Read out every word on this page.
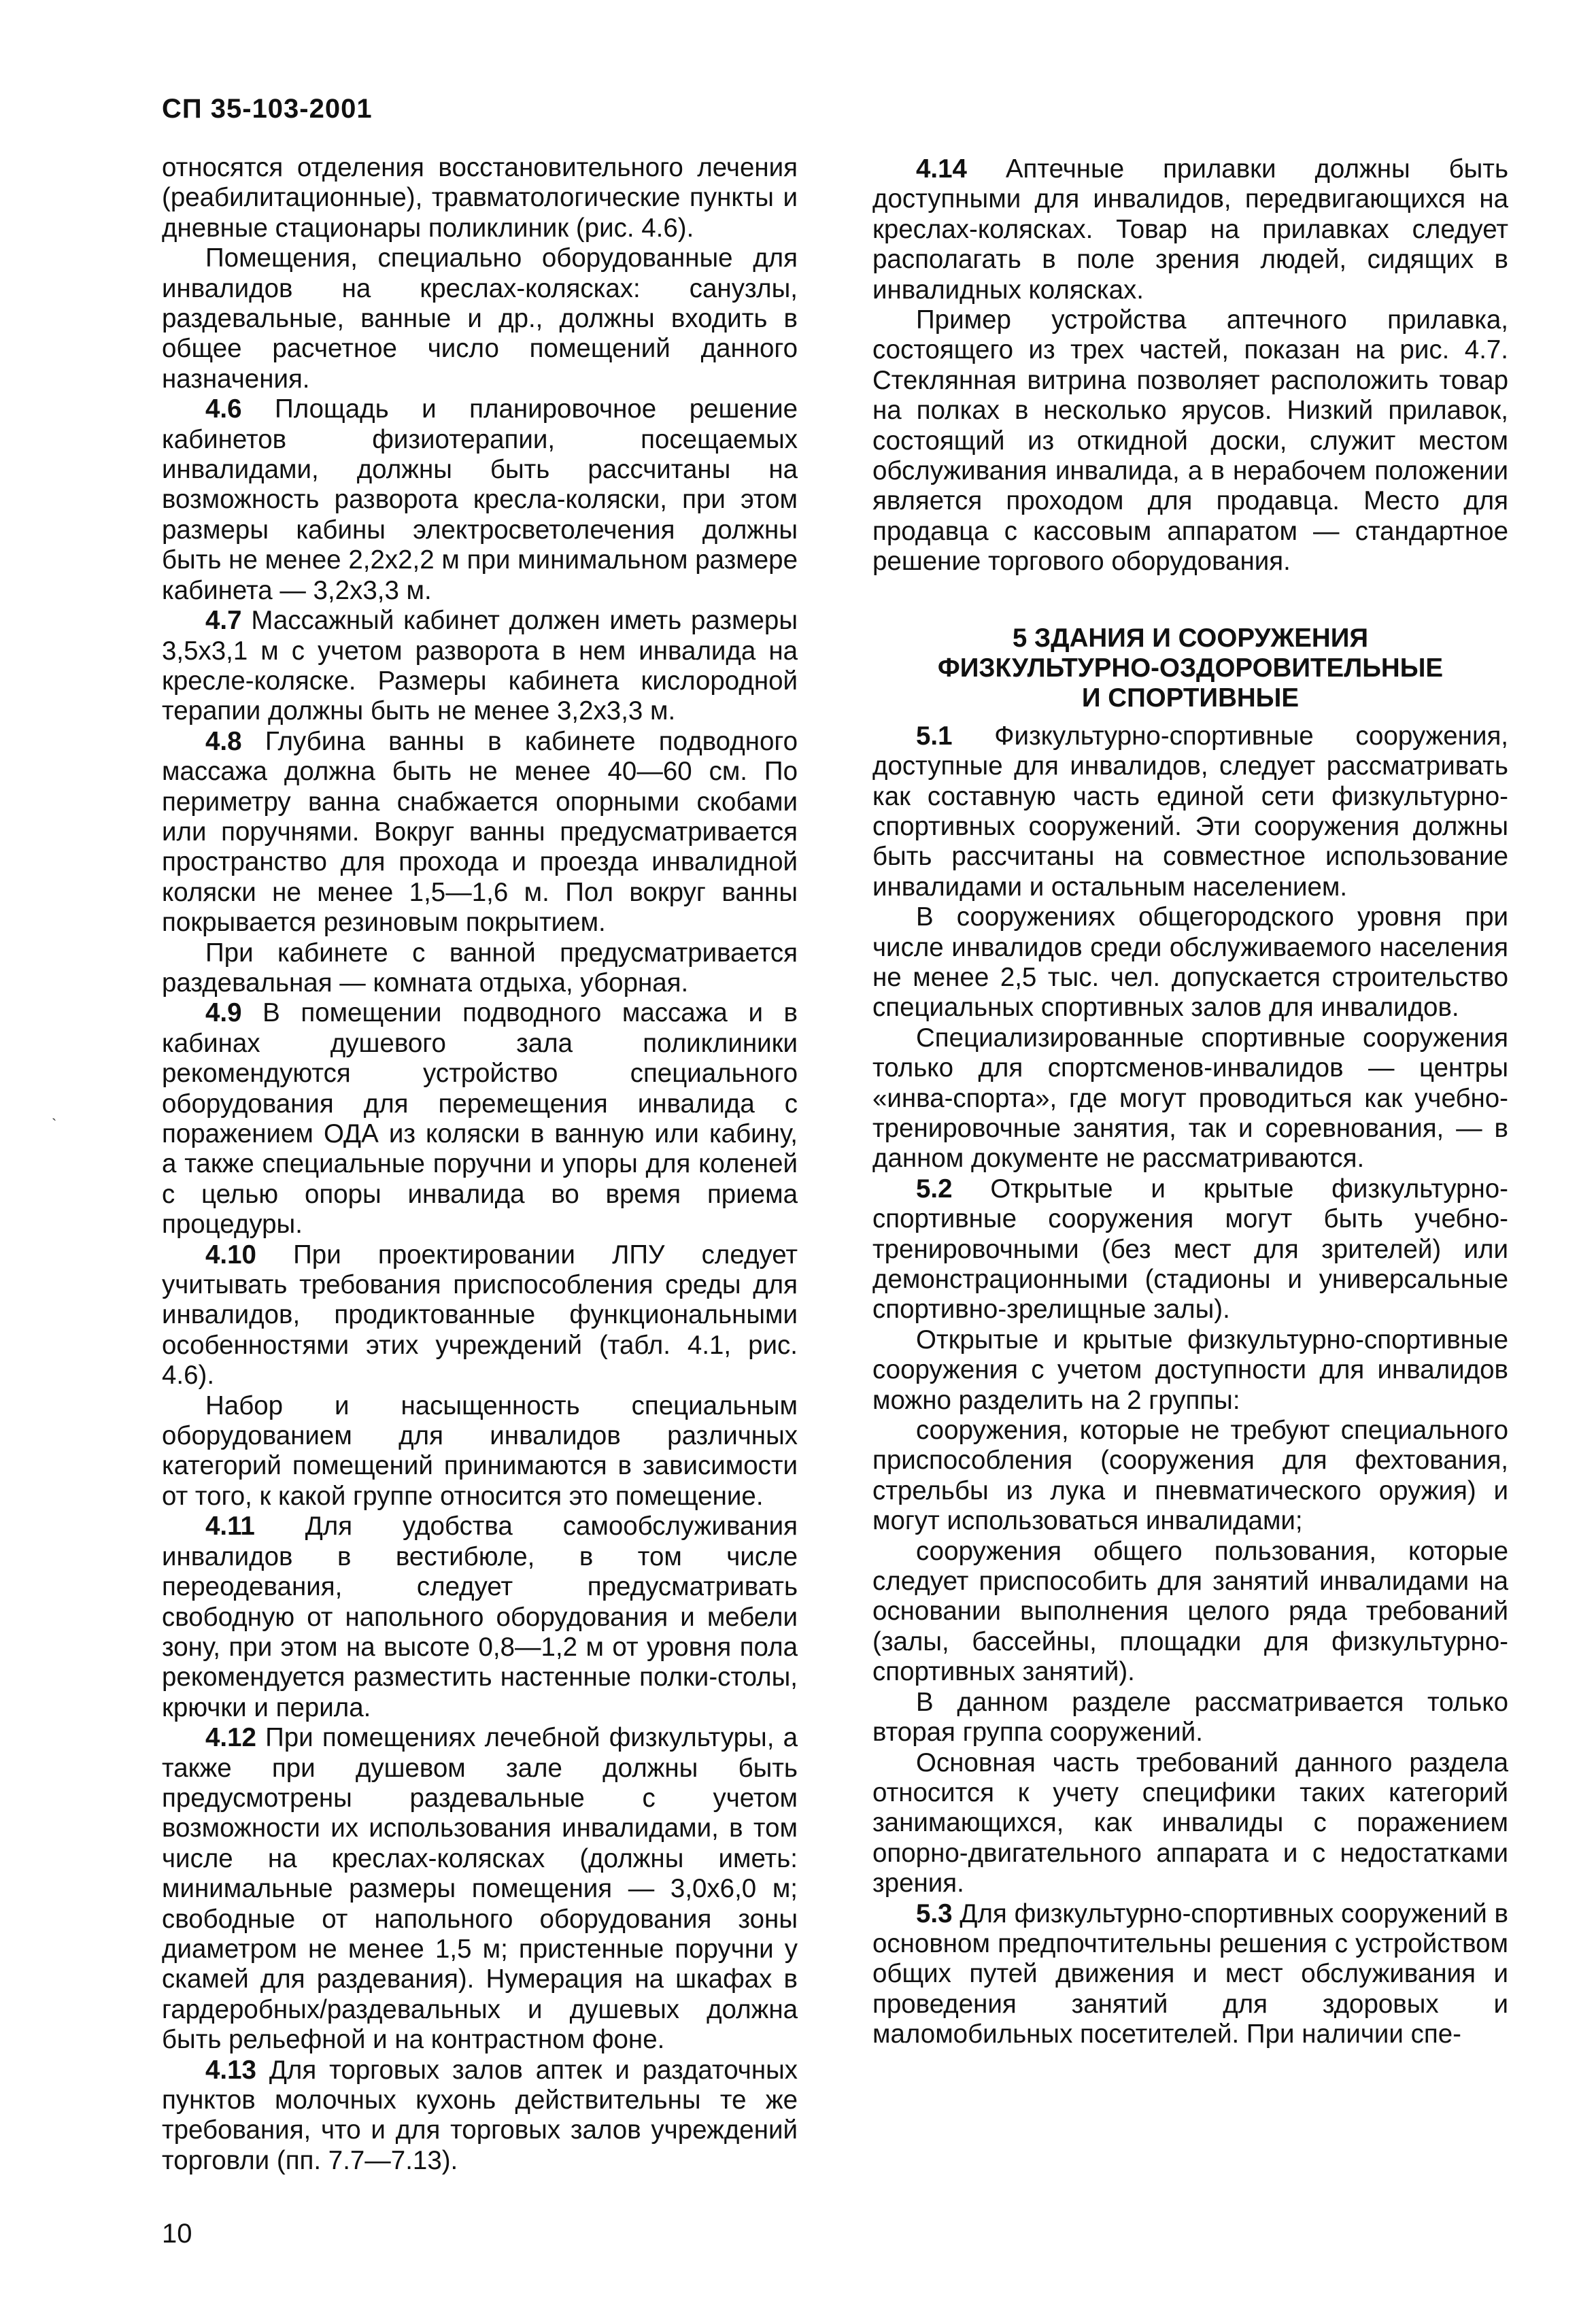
СП 35-103-2001
`

относятся отделения восстановительного лечения (реабилитационные), травматологические пункты и дневные стационары поликлиник (рис. 4.6).

Помещения, специально оборудованные для инвалидов на креслах-колясках: санузлы, раздевальные, ванные и др., должны входить в общее расчетное число помещений данного назначения.

4.6 Площадь и планировочное решение кабинетов физиотерапии, посещаемых инвалидами, должны быть рассчитаны на возможность разворота кресла-коляски, при этом размеры кабины электросветолечения должны быть не менее 2,2х2,2 м при минимальном размере кабинета — 3,2х3,3 м.

4.7 Массажный кабинет должен иметь размеры 3,5х3,1 м с учетом разворота в нем инвалида на кресле-коляске. Размеры кабинета кислородной терапии должны быть не менее 3,2х3,3 м.

4.8 Глубина ванны в кабинете подводного массажа должна быть не менее 40—60 см. По периметру ванна снабжается опорными скобами или поручнями. Вокруг ванны предусматривается пространство для прохода и проезда инвалидной коляски не менее 1,5—1,6 м. Пол вокруг ванны покрывается резиновым покрытием.

При кабинете с ванной предусматривается раздевальная — комната отдыха, уборная.

4.9 В помещении подводного массажа и в кабинах душевого зала поликлиники рекомендуются устройство специального оборудования для перемещения инвалида с поражением ОДА из коляски в ванную или кабину, а также специальные поручни и упоры для коленей с целью опоры инвалида во время приема процедуры.

4.10 При проектировании ЛПУ следует учитывать требования приспособления среды для инвалидов, продиктованные функциональными особенностями этих учреждений (табл. 4.1, рис. 4.6).

Набор и насыщенность специальным оборудованием для инвалидов различных категорий помещений принимаются в зависимости от того, к какой группе относится это помещение.

4.11 Для удобства самообслуживания инвалидов в вестибюле, в том числе переодевания, следует предусматривать свободную от напольного оборудования и мебели зону, при этом на высоте 0,8—1,2 м от уровня пола рекомендуется разместить настенные полки-столы, крючки и перила.

4.12 При помещениях лечебной физкультуры, а также при душевом зале должны быть предусмотрены раздевальные с учетом возможности их использования инвалидами, в том числе на креслах-колясках (должны иметь: минимальные размеры помещения — 3,0х6,0 м; свободные от напольного оборудования зоны диаметром не менее 1,5 м; пристенные поручни у скамей для раздевания). Нумерация на шкафах в гардеробных/раздевальных и душевых должна быть рельефной и на контрастном фоне.

4.13 Для торговых залов аптек и раздаточных пунктов молочных кухонь действительны те же требования, что и для торговых залов учреждений торговли (пп. 7.7—7.13).

4.14 Аптечные прилавки должны быть доступными для инвалидов, передвигающихся на креслах-колясках. Товар на прилавках следует располагать в поле зрения людей, сидящих в инвалидных колясках.

Пример устройства аптечного прилавка, состоящего из трех частей, показан на рис. 4.7. Стеклянная витрина позволяет расположить товар на полках в несколько ярусов. Низкий прилавок, состоящий из откидной доски, служит местом обслуживания инвалида, а в нерабочем положении является проходом для продавца. Место для продавца с кассовым аппаратом — стандартное решение торгового оборудования.

5 ЗДАНИЯ И СООРУЖЕНИЯ
ФИЗКУЛЬТУРНО-ОЗДОРОВИТЕЛЬНЫЕ
И СПОРТИВНЫЕ

5.1 Физкультурно-спортивные сооружения, доступные для инвалидов, следует рассматривать как составную часть единой сети физкультурно-спортивных сооружений. Эти сооружения должны быть рассчитаны на совместное использование инвалидами и остальным населением.

В сооружениях общегородского уровня при числе инвалидов среди обслуживаемого населения не менее 2,5 тыс. чел. допускается строительство специальных спортивных залов для инвалидов.

Специализированные спортивные сооружения только для спортсменов-инвалидов — центры «инва-спорта», где могут проводиться как учебно-тренировочные занятия, так и соревнования, — в данном документе не рассматриваются.

5.2 Открытые и крытые физкультурно-спортивные сооружения могут быть учебно-тренировочными (без мест для зрителей) или демонстрационными (стадионы и универсальные спортивно-зрелищные залы).

Открытые и крытые физкультурно-спортивные сооружения с учетом доступности для инвалидов можно разделить на 2 группы:

сооружения, которые не требуют специального приспособления (сооружения для фехтования, стрельбы из лука и пневматического оружия) и могут использоваться инвалидами;

сооружения общего пользования, которые следует приспособить для занятий инвалидами на основании выполнения целого ряда требований (залы, бассейны, площадки для физкультурно-спортивных занятий).

В данном разделе рассматривается только вторая группа сооружений.

Основная часть требований данного раздела относится к учету специфики таких категорий занимающихся, как инвалиды с поражением опорно-двигательного аппарата и с недостатками зрения.

5.3 Для физкультурно-спортивных сооружений в основном предпочтительны решения с устройством общих путей движения и мест обслуживания и проведения занятий для здоровых и маломобильных посетителей. При наличии спе-

10
